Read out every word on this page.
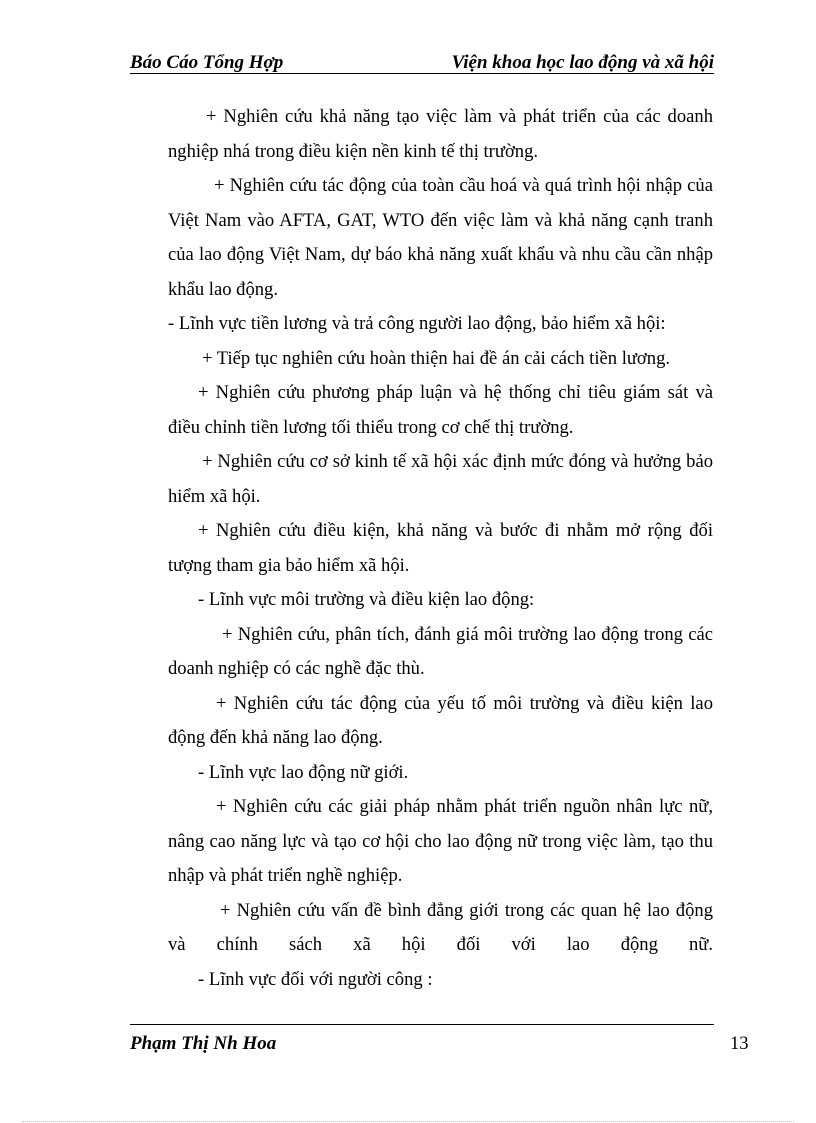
Báo Cáo Tổng Hợp	Viện khoa học lao động và xã hội

+ Nghiên cứu khả năng tạo việc làm và phát triển của các doanh nghiệp nhá trong điều kiện nền kinh tế thị trường.

+ Nghiên cứu tác động của toàn cầu hoá và quá trình hội nhập của Việt Nam vào AFTA, GAT, WTO đến việc làm và khả năng cạnh tranh của lao động Việt Nam, dự báo khả năng xuất khẩu và nhu cầu cần nhập khẩu lao động.

- Lĩnh vực tiền lương và trả công người lao động, bảo hiểm xã hội:

+ Tiếp tục nghiên cứu hoàn thiện hai đề án cải cách tiền lương.

+ Nghiên cứu phương pháp luận và hệ thống chỉ tiêu giám sát và điều chỉnh tiền lương tối thiểu trong cơ chế thị trường.

+ Nghiên cứu cơ sở kinh tế xã hội xác định mức đóng và hưởng bảo hiểm xã hội.

+ Nghiên cứu điều kiện, khả năng và bước đi nhằm mở rộng đối tượng tham gia bảo hiểm xã hội.

- Lĩnh vực môi trường và điều kiện lao động:

+ Nghiên cứu, phân tích, đánh giá môi trường lao động trong các doanh nghiệp có các nghề đặc thù.

+ Nghiên cứu tác động của yếu tố môi trường và điều kiện lao động đến khả năng lao động.

- Lĩnh vực lao động nữ giới.

+ Nghiên cứu các giải pháp nhằm phát triển nguồn nhân lực nữ, nâng cao năng lực và tạo cơ hội cho lao động nữ trong việc làm, tạo thu nhập và phát triển nghề nghiệp.

+ Nghiên cứu vấn đề bình đẳng giới trong các quan hệ lao động và chính sách xã hội đối với lao động nữ.

- Lĩnh vực đối với người công :

Phạm Thị Nh Hoa	13
